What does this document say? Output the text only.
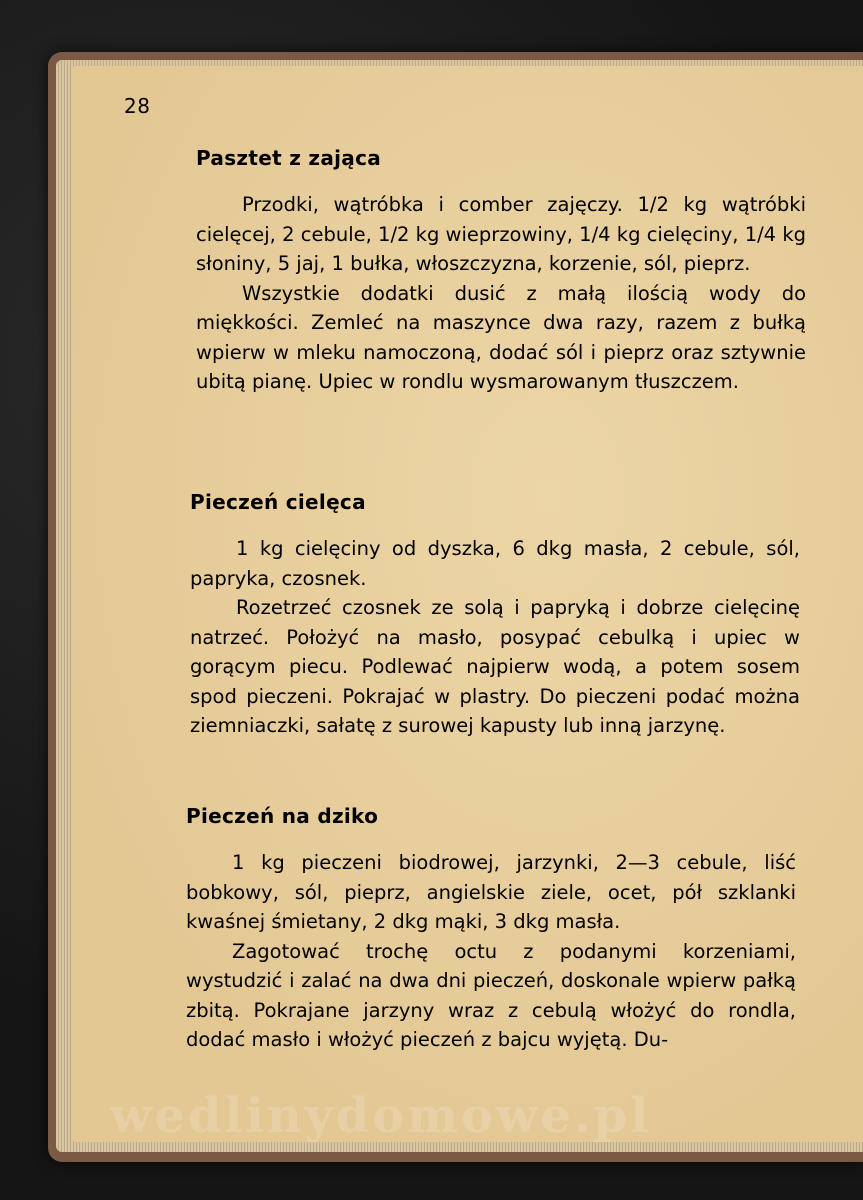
28
Pasztet z zająca

Przodki, wątróbka i comber zajęczy. 1/2 kg wątróbki cielęcej, 2 cebule, 1/2 kg wieprzowiny, 1/4 kg cielęciny, 1/4 kg słoniny, 5 jaj, 1 bułka, włoszczyzna, korzenie, sól, pieprz.

Wszystkie dodatki dusić z małą ilością wody do miękkości. Zemleć na maszynce dwa razy, razem z bułką wpierw w mleku namoczoną, dodać sól i pieprz oraz sztywnie ubitą pianę. Upiec w rondlu wysmarowanym tłuszczem.

Pieczeń cielęca

1 kg cielęciny od dyszka, 6 dkg masła, 2 cebule, sól, papryka, czosnek.

Rozetrzeć czosnek ze solą i papryką i dobrze cielęcinę natrzeć. Położyć na masło, posypać cebulką i upiec w gorącym piecu. Podlewać najpierw wodą, a potem sosem spod pieczeni. Pokrajać w plastry. Do pieczeni podać można ziemniaczki, sałatę z surowej kapusty lub inną jarzynę.

Pieczeń na dziko

1 kg pieczeni biodrowej, jarzynki, 2—3 cebule, liść bobkowy, sól, pieprz, angielskie ziele, ocet, pół szklanki kwaśnej śmietany, 2 dkg mąki, 3 dkg masła.

Zagotować trochę octu z podanymi korzeniami, wystudzić i zalać na dwa dni pieczeń, doskonale wpierw pałką zbitą. Pokrajane jarzyny wraz z cebulą włożyć do rondla, dodać masło i włożyć pieczeń z bajcu wyjętą. Du-

wedlinydomowe.pl
